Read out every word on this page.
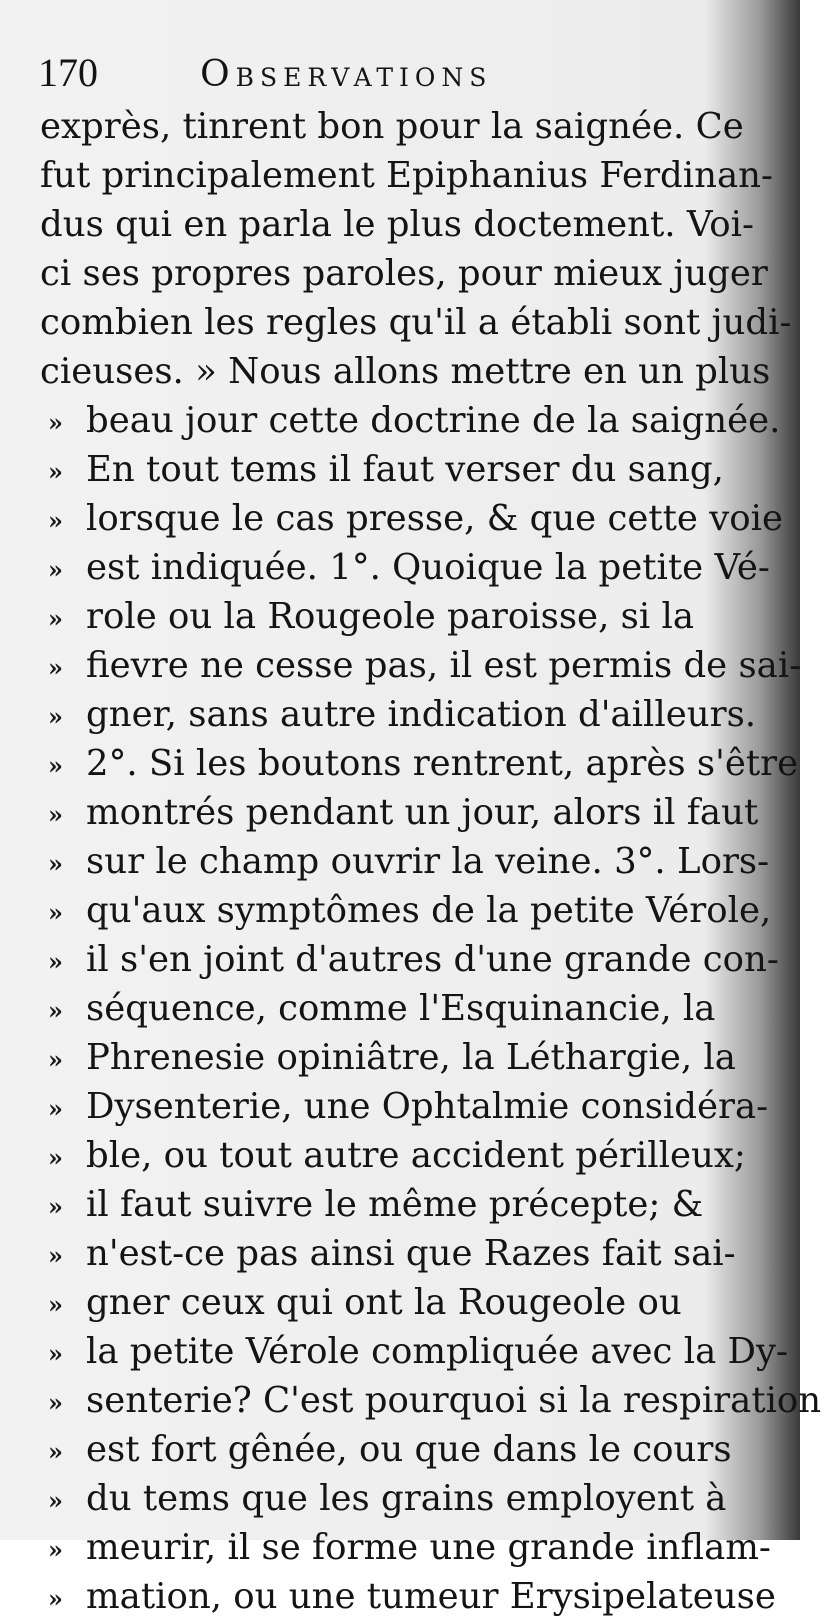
170	Observations
exprès, tinrent bon pour la saignée. Ce
fut principalement Epiphanius Ferdinan-
dus qui en parla le plus doctement. Voi-
ci ses propres paroles, pour mieux juger
combien les regles qu'il a établi sont judi-
cieuses. » Nous allons mettre en un plus
» beau jour cette doctrine de la saignée.
» En tout tems il faut verser du sang,
» lorsque le cas presse, & que cette voie
» est indiquée. 1°. Quoique la petite Vé-
» role ou la Rougeole paroisse, si la
» fievre ne cesse pas, il est permis de sai-
» gner, sans autre indication d'ailleurs.
» 2°. Si les boutons rentrent, après s'être
» montrés pendant un jour, alors il faut
» sur le champ ouvrir la veine. 3°. Lors-
» qu'aux symptômes de la petite Vérole,
» il s'en joint d'autres d'une grande con-
» séquence, comme l'Esquinancie, la
» Phrenesie opiniâtre, la Léthargie, la
» Dysenterie, une Ophtalmie considéra-
» ble, ou tout autre accident périlleux;
» il faut suivre le même précepte; &
» n'est-ce pas ainsi que Razes fait sai-
» gner ceux qui ont la Rougeole ou
» la petite Vérole compliquée avec la Dy-
» senterie? C'est pourquoi si la respiration
» est fort gênée, ou que dans le cours
» du tems que les grains employent à
» meurir, il se forme une grande inflam-
» mation, ou une tumeur Erysipelateuse
